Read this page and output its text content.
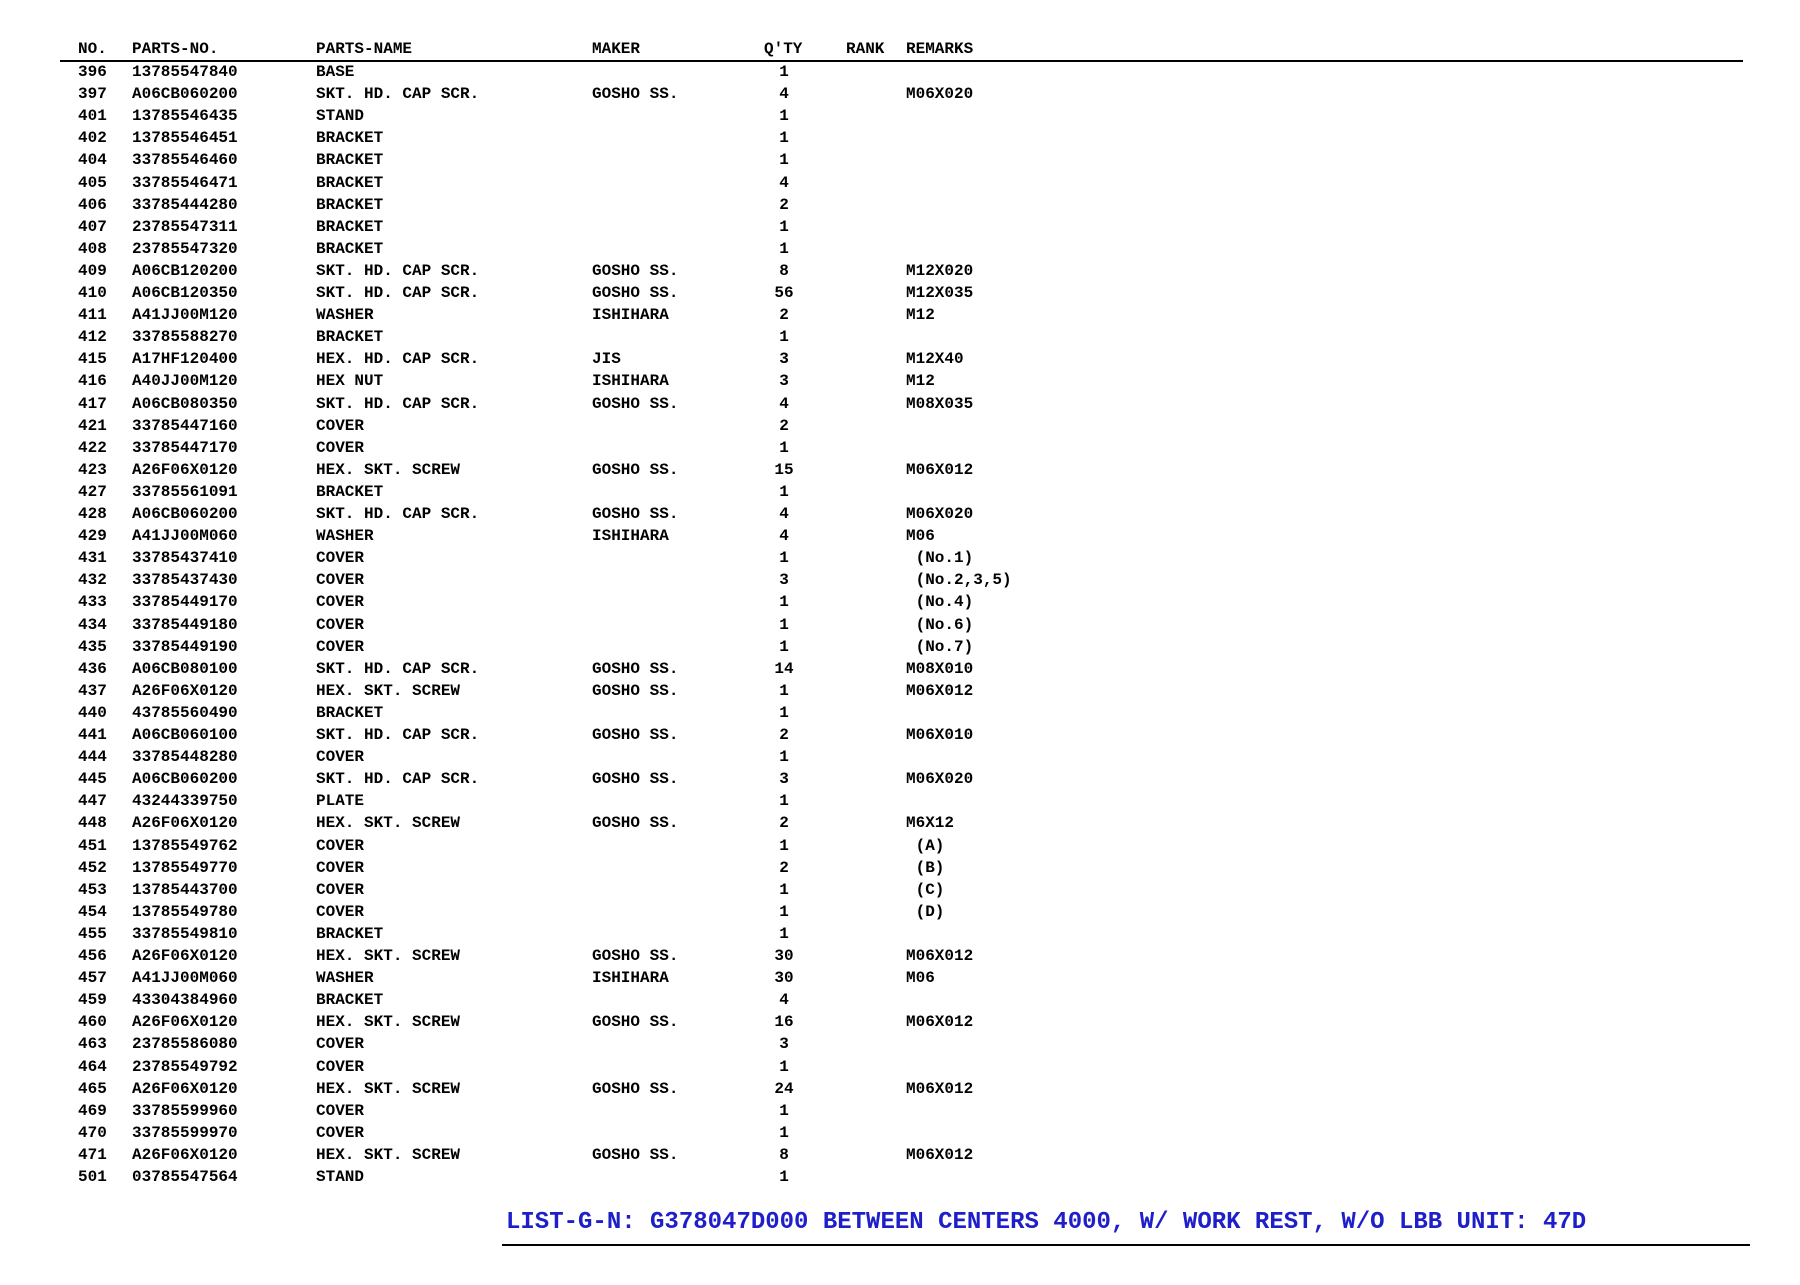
NO. PARTS-NO.	PARTS-NAME	MAKER	Q'TY	RANK REMARKS
396 13785547840	BASE	1
397 A06CB060200	SKT. HD. CAP SCR.	GOSHO SS.	4	M06X020
401 13785546435	STAND	1
402 13785546451	BRACKET	1
404 33785546460	BRACKET	1
405 33785546471	BRACKET	4
406 33785444280	BRACKET	2
407 23785547311	BRACKET	1
408 23785547320	BRACKET	1
409 A06CB120200	SKT. HD. CAP SCR.	GOSHO SS.	8	M12X020
410 A06CB120350	SKT. HD. CAP SCR.	GOSHO SS.	56	M12X035
411 A41JJ00M120	WASHER	ISHIHARA	2	M12
412 33785588270	BRACKET	1
415 A17HF120400	HEX. HD. CAP SCR.	JIS	3	M12X40
416 A40JJ00M120	HEX NUT	ISHIHARA	3	M12
417 A06CB080350	SKT. HD. CAP SCR.	GOSHO SS.	4	M08X035
421 33785447160	COVER	2
422 33785447170	COVER	1
423 A26F06X0120	HEX. SKT. SCREW	GOSHO SS.	15	M06X012
427 33785561091	BRACKET	1
428 A06CB060200	SKT. HD. CAP SCR.	GOSHO SS.	4	M06X020
429 A41JJ00M060	WASHER	ISHIHARA	4	M06
431 33785437410	COVER	1	(No.1)
432 33785437430	COVER	3	(No.2,3,5)
433 33785449170	COVER	1	(No.4)
434 33785449180	COVER	1	(No.6)
435 33785449190	COVER	1	(No.7)
436 A06CB080100	SKT. HD. CAP SCR.	GOSHO SS.	14	M08X010
437 A26F06X0120	HEX. SKT. SCREW	GOSHO SS.	1	M06X012
440 43785560490	BRACKET	1
441 A06CB060100	SKT. HD. CAP SCR.	GOSHO SS.	2	M06X010
444 33785448280	COVER	1
445 A06CB060200	SKT. HD. CAP SCR.	GOSHO SS.	3	M06X020
447 43244339750	PLATE	1
448 A26F06X0120	HEX. SKT. SCREW	GOSHO SS.	2	M6X12
451 13785549762	COVER	1	(A)
452 13785549770	COVER	2	(B)
453 13785443700	COVER	1	(C)
454 13785549780	COVER	1	(D)
455 33785549810	BRACKET	1
456 A26F06X0120	HEX. SKT. SCREW	GOSHO SS.	30	M06X012
457 A41JJ00M060	WASHER	ISHIHARA	30	M06
459 43304384960	BRACKET	4
460 A26F06X0120	HEX. SKT. SCREW	GOSHO SS.	16	M06X012
463 23785586080	COVER	3
464 23785549792	COVER	1
465 A26F06X0120	HEX. SKT. SCREW	GOSHO SS.	24	M06X012
469 33785599960	COVER	1
470 33785599970	COVER	1
471 A26F06X0120	HEX. SKT. SCREW	GOSHO SS.	8	M06X012
501 03785547564	STAND	1
LIST-G-N: G378047D000 BETWEEN CENTERS 4000, W/ WORK REST, W/O LBB UNIT: 47D
